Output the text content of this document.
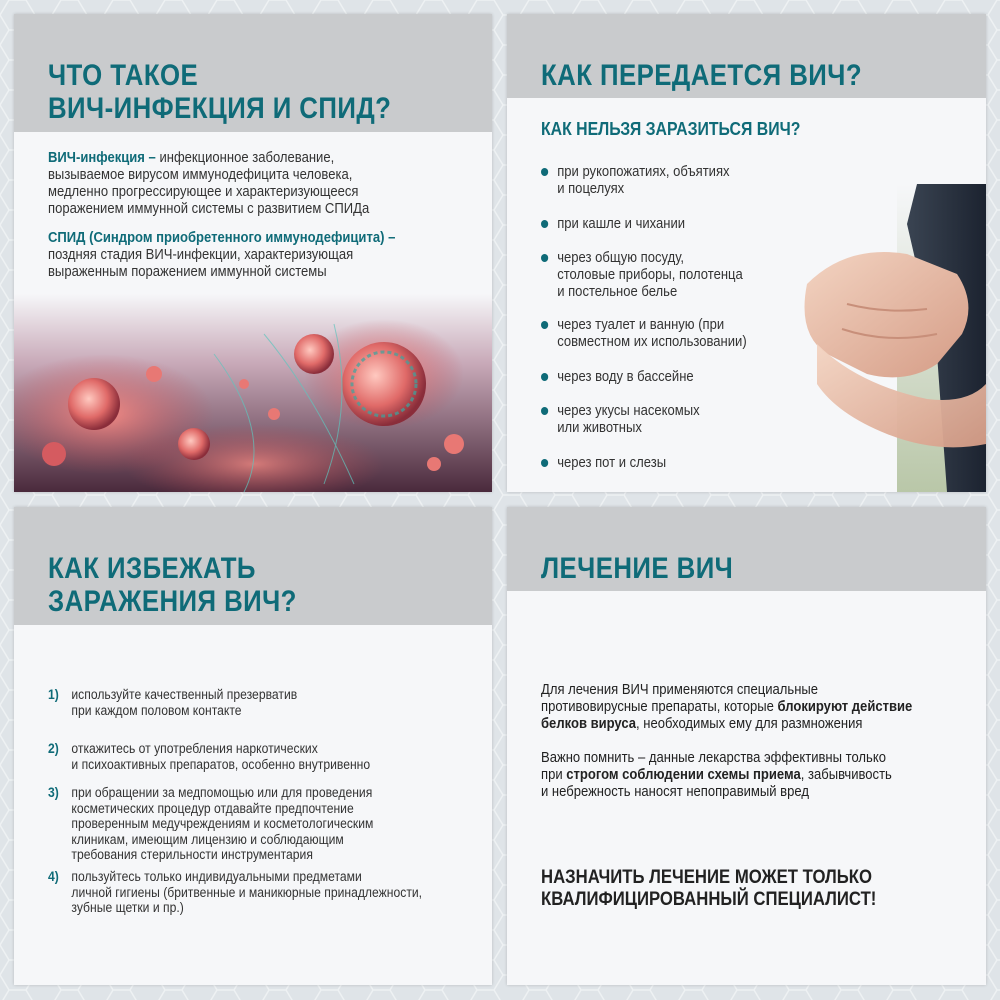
ЧТО ТАКОЕ
ВИЧ-ИНФЕКЦИЯ И СПИД?
ВИЧ-инфекция – инфекционное заболевание,
вызываемое вирусом иммунодефицита человека,
медленно прогрессирующее и характеризующееся
поражением иммунной системы с развитием СПИДа
СПИД (Синдром приобретенного иммунодефицита) –
поздняя стадия ВИЧ-инфекции, характеризующая
выраженным поражением иммунной системы
КАК ПЕРЕДАЕТСЯ ВИЧ?
КАК НЕЛЬЗЯ ЗАРАЗИТЬСЯ ВИЧ?
при рукопожатиях, объятиях
и поцелуях
при кашле и чихании
через общую посуду,
столовые приборы, полотенца
и постельное белье
через туалет и ванную (при
совместном их использовании)
через воду в бассейне
через укусы насекомых
или животных
через пот и слезы
КАК ИЗБЕЖАТЬ
ЗАРАЖЕНИЯ ВИЧ?
1) используйте качественный презерватив
при каждом половом контакте
2) откажитесь от употребления наркотических
и психоактивных препаратов, особенно внутривенно
3) при обращении за медпомощью или для проведения
косметических процедур отдавайте предпочтение
проверенным медучреждениям и косметологическим
клиникам, имеющим лицензию и соблюдающим
требования стерильности инструментария
4) пользуйтесь только индивидуальными предметами
личной гигиены (бритвенные и маникюрные принадлежности,
зубные щетки и пр.)
ЛЕЧЕНИЕ ВИЧ
Для лечения ВИЧ применяются специальные
противовирусные препараты, которые блокируют действие
белков вируса, необходимых ему для размножения
Важно помнить – данные лекарства эффективны только
при строгом соблюдении схемы приема, забывчивость
и небрежность наносят непоправимый вред
НАЗНАЧИТЬ ЛЕЧЕНИЕ МОЖЕТ ТОЛЬКО
КВАЛИФИЦИРОВАННЫЙ СПЕЦИАЛИСТ!
